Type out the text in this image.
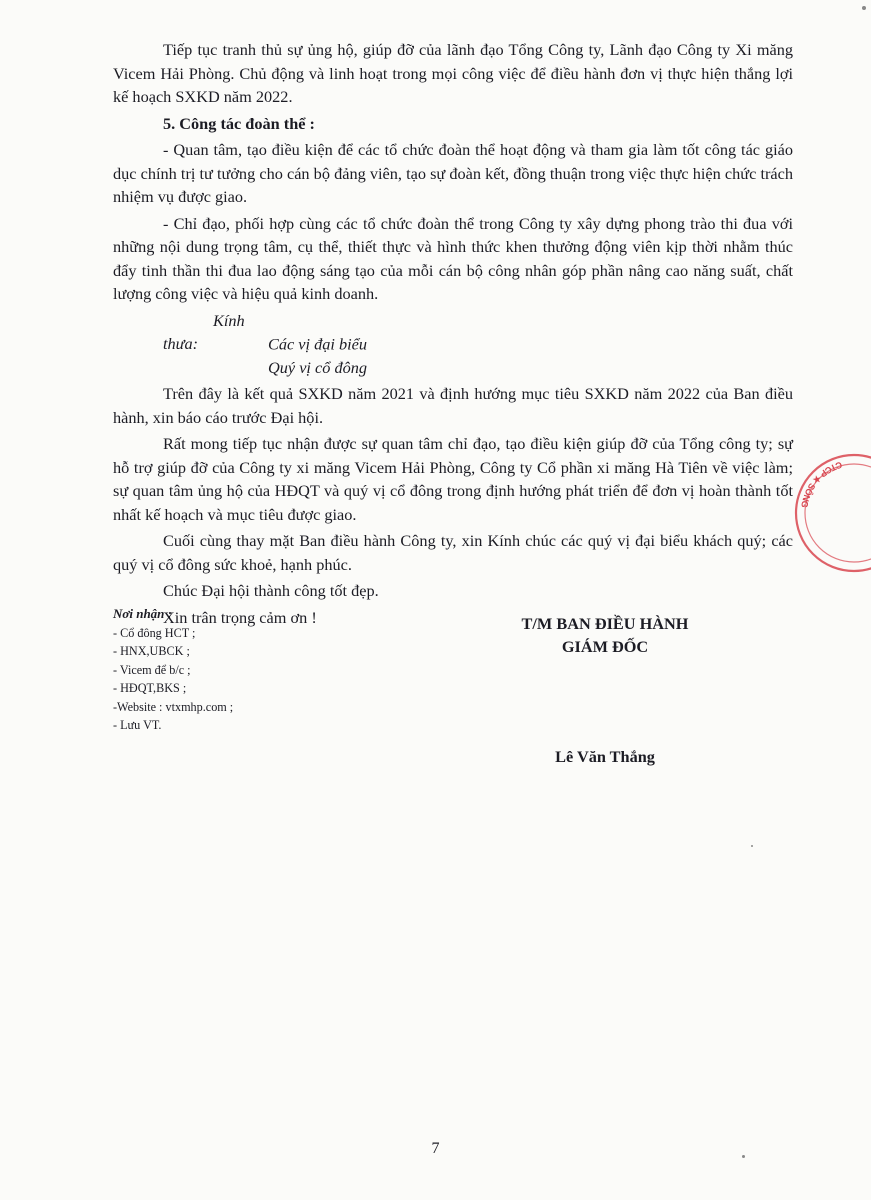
Tiếp tục tranh thủ sự ủng hộ, giúp đỡ của lãnh đạo Tổng Công ty, Lãnh đạo Công ty Xi măng Vicem Hải Phòng. Chủ động và linh hoạt trong mọi công việc để điều hành đơn vị thực hiện thắng lợi kế hoạch SXKD năm 2022.

5. Công tác đoàn thể :

- Quan tâm, tạo điều kiện để các tổ chức đoàn thể hoạt động và tham gia làm tốt công tác giáo dục chính trị tư tưởng cho cán bộ đảng viên, tạo sự đoàn kết, đồng thuận trong việc thực hiện chức trách nhiệm vụ được giao.

- Chỉ đạo, phối hợp cùng các tổ chức đoàn thể trong Công ty xây dựng phong trào thi đua với những nội dung trọng tâm, cụ thể, thiết thực và hình thức khen thưởng động viên kịp thời nhằm thúc đẩy tinh thần thi đua lao động sáng tạo của mỗi cán bộ công nhân góp phần nâng cao năng suất, chất lượng công việc và hiệu quả kinh doanh.

Kính thưa:	Các vị đại biểu

Quý vị cổ đông

Trên đây là kết quả SXKD năm 2021 và định hướng mục tiêu SXKD năm 2022 của Ban điều hành, xin báo cáo trước Đại hội.

Rất mong tiếp tục nhận được sự quan tâm chỉ đạo, tạo điều kiện giúp đỡ của Tổng công ty; sự hỗ trợ giúp đỡ của Công ty xi măng Vicem Hải Phòng, Công ty Cổ phần xi măng Hà Tiên về việc làm; sự quan tâm ủng hộ của HĐQT và quý vị cổ đông trong định hướng phát triển để đơn vị hoàn thành tốt nhất kế hoạch và mục tiêu được giao.

Cuối cùng thay mặt Ban điều hành Công ty, xin Kính chúc các quý vị đại biểu khách quý; các quý vị cổ đông sức khoẻ, hạnh phúc.

Chúc Đại hội thành công tốt đẹp.

Xin trân trọng cảm ơn !

Nơi nhận :
- Cổ đông HCT ;
- HNX,UBCK ;
- Vicem để b/c ;
- HĐQT,BKS ;
-Website : vtxmhp.com ;
- Lưu VT.
T/M BAN ĐIỀU HÀNH
GIÁM ĐỐC
Lê Văn Thắng
CTCP ★ SÔNG
7
